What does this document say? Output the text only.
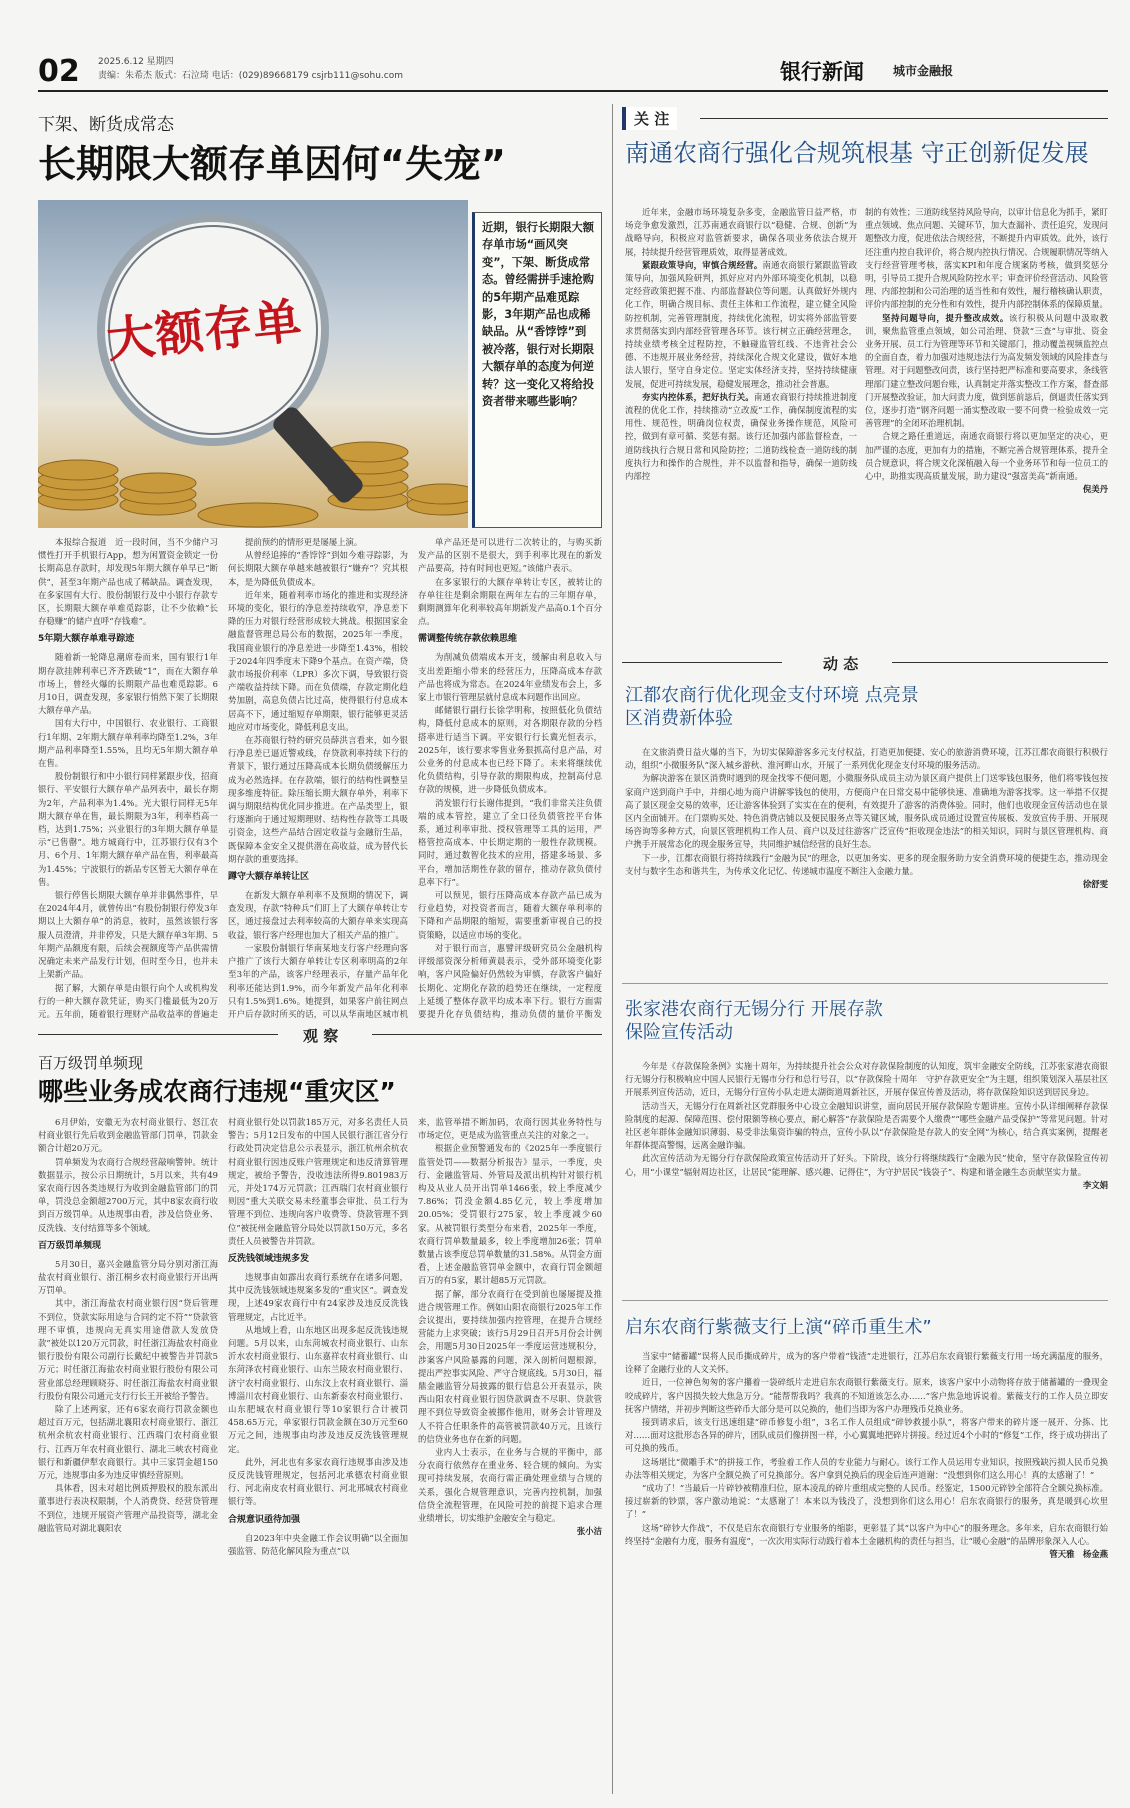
02 2025.6.12 星期四
责编：朱希杰 版式：石泣琦 电话：(029)89668179 csjrb111@sohu.com	银行新闻 城市金融报
下架、断货成常态
长期限大额存单因何“失宠”
大额存单
近期，银行长期限大额存单市场“画风突变”，下架、断货成常态。曾经需拼手速抢购的5年期产品难觅踪影，3年期产品也成稀缺品。从“香饽饽”到被冷落，银行对长期限大额存单的态度为何逆转？这一变化又将给投资者带来哪些影响？

本报综合报道　近一段时间，当不少储户习惯性打开手机银行App，想为闲置资金锁定一份长期高息存款时，却发现5年期大额存单早已“断供”，甚至3年期产品也成了稀缺品。调查发现，在多家国有大行、股份制银行及中小银行存款专区，长期限大额存单难觅踪影，让不少依赖“长存稳赚”的储户直呼“存钱难”。

5年期大额存单难寻踪迹

随着新一轮降息潮席卷而来，国有银行1年期存款挂牌利率已齐齐跌破“1”，而在大额存单市场上，曾经火爆的长期限产品也难觅踪影。6月10日，调查发现，多家银行悄然下架了长期限大额存单产品。

国有大行中，中国银行、农业银行、工商银行1年期、2年期大额存单利率均降至1.2%，3年期产品利率降至1.55%，且均无5年期大额存单在售。

股份制银行和中小银行同样紧跟步伐，招商银行、平安银行大额存单产品列表中，最长存期为2年，产品利率为1.4%。光大银行同样无5年期大额存单在售，最长期限为3年，利率档高一档，达到1.75%；兴业银行的3年期大额存单显示“已售罄”。地方城商行中，江苏银行仅有3个月、6个月、1年期大额存单产品在售，利率最高为1.45%；宁波银行的新品专区暂无大额存单在售。

银行停售长期限大额存单并非偶然事件，早在2024年4月，就曾传出“有股份制银行停发3年期以上大额存单”的消息，彼时，虽然该银行客服人员澄清，并非停发，只是大额存单3年期、5年期产品额度有限，后续会视额度等产品供需情况确定未来产品发行计划，但时至今日，也并未上架新产品。

据了解，大额存单是由银行向个人或机构发行的一种大额存款凭证，购买门槛最低为20万元。五年前，随着银行理财产品收益率的普遍走

提前预约的情形更是屡屡上演。

从曾经追捧的“香饽饽”到如今难寻踪影，为何长期限大额存单越来越被银行“嫌弃”？究其根本，是为降低负债成本。

近年来，随着利率市场化的推进和实现经济环境的变化，银行的净息差持续收窄，净息差下降的压力对银行经营形成较大挑战。根据国家金融监督管理总局公布的数据，2025年一季度，我国商业银行的净息差进一步降至1.43%，相较于2024年四季度末下降9个基点。在资产端，贷款市场报价利率（LPR）多次下调，导致银行资产端收益持续下降。而在负债端，存款定期化趋势加剧，高息负债占比过高，使得银行付息成本居高不下，通过缩短存单期限，银行能够更灵活地应对市场变化，降低利息支出。

在苏商银行特约研究员薛洪言看来，如今银行净息差已逼近警戒线，存贷款利率持续下行的背景下，银行通过压降高成本长期负债缓解压力成为必然选择。在存款端，银行的结构性调整呈现多维度特征。除压缩长期大额存单外，利率下调与期限结构优化同步推进。在产品类型上，银行逐渐向于通过短期理财、结构性存款等工具吸引资金，这些产品结合固定收益与金融衍生品，既保障本金安全又提供潜在高收益，成为替代长期存款的重要选择。

蹲守大额存单转让区

在新发大额存单利率不及预期的情况下，调查发现，存款“特种兵”们盯上了大额存单转让专区，通过接盘过去利率较高的大额存单来实现高收益，银行客户经理也加大了相关产品的推广。

一家股份制银行华南某地支行客户经理向客户推广了该行大额存单转让专区利率明高的2年至3年的产品，该客户经理表示，存量产品年化利率还能达到1.9%，而今年新发产品年化利率只有1.5%到1.6%。她提到，如果客户前往网点开户后存款时所买的话，可以从华南地区城市机

单产品还是可以进行二次转让的，与购买新发产品的区别不是很大，到手利率比现在的新发产品要高，持有时间也更短。”该储户表示。

在多家银行的大额存单转让专区，被转让的存单往往是剩余期限在两年左右的三年期存单，剩期测算年化利率较高年期新发产品高0.1个百分点。

需调整传统存款依赖思维

为削减负债端成本开支，缓解由利息收入与支出差距缩小带来的经营压力，压降高成本存款产品也将成为常态。在2024年业绩发布会上，多家上市银行管理层就付息成本问题作出回应。

邮储银行副行长徐学明称，按照低化负债结构，降低付息成本的原则，对各期限存款的分档搭率进行适当下调。平安银行行长冀光恒表示，2025年，该行要求零售业务狠抓高付息产品，对公业务的付息成本也已经下降了。未来将继续优化负债结构，引导存款的期限构成，控制高付息存款的规模，进一步降低负债成本。

消发银行行长谢伟提到，“我们非常关注负债端的成本管控，建立了全口径负债管控平台体系，通过利率审批、授权管理等工具的运用，严格管控高成本、中长期定期的一般性存款规模。同时，通过数智化技术的应用，搭建多场景、多平台，增加活期性存款的留存，推动存款负债付息率下行”。

可以预见，银行压降高成本存款产品已成为行业趋势，对投资者而言，随着大额存单利率的下降和产品期限的缩短，需要重新审视自己的投资策略，以适应市场的变化。

对于银行而言，惠譬评级研究员公金融机构评级部资深分析师黄晨表示，受外部环境变化影响，客户风险偏好仍然较为审慎，存款客户偏好长期化、定期化存款的趋势还在继续，一定程度上延缓了整体存款平均成本率下行。银行方面需要提升化存负债结构，推动负债的量价平衡发

关 注
南通农商行强化合规筑根基 守正创新促发展

近年来，金融市场环境复杂多变，金融监管日益严格，市场竞争愈发激烈，江苏南通农商银行以“稳健、合规、创新”为战略导向，积极应对监管新要求，确保各项业务依法合规开展，持续提升经营管理质效，取得显著成效。

紧跟政策导向，审慎合规经营。南通农商银行紧跟监管政策导向，加强风险研判，抓好应对内外部环境变化机制，以稳定经营政策把握不准、内部监督缺位等问题。认真做好外规内化工作，明确合规目标、责任主体和工作流程，建立健全风险防控机制，完善管理制度，持续优化流程，切实将外部监管要求贯彻落实到内部经营管理各环节。该行树立正确经营理念，持续业绩考核全过程防控，不触碰监管红线、不违背社会公德、不违规开展业务经营，持续深化合规文化建设，做好本地法人银行，坚守自身定位。坚定实体经济支持，坚持持续健康发展，促进可持续发展，稳健发展理念，推动社会普惠。

夯实内控体系，把好执行关。南通农商银行持续推进制度流程的优化工作，持续推动“立改废”工作，确保制度流程的实用性、规范性，明确岗位权责，确保业务操作规范，风险可控，做到有章可循、奖惩有据。该行还加强内部监督检查，一道防线执行合规日常和风险防控；二道防线检查一道防线的制度执行力和操作的合规性，并不以监督和指导，确保一道防线内部控

制的有效性；三道防线坚持风险导向，以审计信息化为抓手，紧盯重点领域、焦点问题、关键环节，加大查漏补、责任追究，发现问题整改力度，促进依法合规经营，不断提升内审质效。此外，该行还注重内控自我评价，将合规内控执行情况、合规履职情况等纳入支行经营管理考核，落实KPI和年度合规案防考核，做到奖惩分明，引导员工提升合规风险防控水平；审查评价经营活动、风险管理、内部控制和公司治理的适当性和有效性，履行稽核确认职责，评价内部控制的充分性和有效性，提升内部控制体系的保障质量。

坚持问题导向，提升整改成效。该行积极从问题中汲取教训，聚焦监管重点领域，如公司治理、贷款“三查”与审批、资金业务开展、员工行为管理等环节和关键部门，推动覆盖视频监控点的全面自查，着力加强对违规违法行为高发频发领域的风险排查与管理。对于问题整改问责，该行坚持把严标准和要高要求，条线管理部门建立整改问题台账，认真制定并落实整改工作方案，督查部门开展整改验证，加大问责力度，做到惩前毖后，倒逼责任落实到位，逐步打造“钢齐问题一涌实整改取一要不问费一检验成效一完善管理”的全闭环治理机制。

合规之路任重道远，南通农商银行将以更加坚定的决心，更加严谨的态度，更加有力的措施，不断完善合规管理体系，提升全员合规意识，将合规文化深植融入每一个业务环节和每一位员工的心中，助推实现高质量发展，助力建设“强富美高”新南通。

倪美丹

动 态
江都农商行优化现金支付环境 点亮景区消费新体验

在文旅消费日益火爆的当下，为切实保障游客多元支付权益，打造更加便捷、安心的旅游消费环境，江苏江都农商银行积极行动，组织“小微服务队”深入城乡游秋、淮河畔山水，开展了一系列优化现金支付环境的服务活动。

为解决游客在景区消费时遇到的现金找零不便问题，小微服务队成员主动为景区商户提供上门送零钱包服务，他们将零钱包按家商户送到商户手中，并细心地为商户讲解零钱包的使用，方便商户在日常交易中能够快速、准确地为游客找零。这一举措不仅提高了景区现金交易的效率，还让游客体验到了实实在在的便利，有效提升了游客的消费体验。同时，他们也收现金宣传活动也在景区内全面铺开。在门票购买处、特色消费店铺以及便民服务点等关键区域，服务队成员通过设置宣传展板、发放宣传手册、开展现场咨询等多种方式，向景区管理机构工作人员、商户以及过往游客广泛宣传“拒收现金违法”的相关知识，同时与景区管理机构、商户携手开展常态化的现金服务宣导，共同维护城信经营的良好生态。

下一步，江都农商银行将持续践行“金融为民”的理念，以更加务实、更多的现金服务助力安全消费环境的便捷生态，推动现金支付与数字生态和谐共生，为传承文化记忆、传递城市温度不断注入金融力量。

徐舒雯

张家港农商行无锡分行 开展存款保险宣传活动

今年是《存款保险条例》实施十周年，为持续提升社会公众对存款保险制度的认知度，筑牢金融安全防线，江苏张家港农商银行无锡分行积极响应中国人民银行无锡市分行和总行号召，以“存款保险十周年　守护存款更安全”为主题，组织策划深入基层社区开展系列宣传活动，近日，无锡分行宣传小队走进太湖街道周新社区，开展存保宣传普及活动，将存款保险知识送到居民身边。

活动当天，无锡分行在周新社区党群服务中心设立金融知识讲堂，面向居民开展存款保险专题讲座。宣传小队详细阐释存款保险制度的起源、保障范围、偿付限额等核心要点，耐心解答“存款保险是否需要个人缴费”“哪些金融产品受保护”等常见问题。针对社区老年群体金融知识薄弱、易受非法集资诈骗的特点，宣传小队以“存款保险是存款人的安全网”为核心，结合真实案例，提醒老年群体提高警惕，远离金融诈骗。

此次宣传活动为无锡分行存款保险政策宣传活动开了好头。下阶段，该分行将继续践行“金融为民”使命，坚守存款保险宣传初心，用“小课堂”辐射周边社区，让居民“能理解、感兴趣、记得住”，为守护居民“钱袋子”、构建和谐金融生态贡献坚实力量。

李文娟

启东农商行紫薇支行上演“碎币重生术”

当家中“储蓄罐”误将人民币撕成碎片，成为的客户带着“钱渣”走进银行，江苏启东农商银行紫薇支行用一场充满温度的服务，诠释了金融行业的人文关怀。

近日，一位神色匆匆的客户攥着一袋碎纸片走进启东农商银行紫薇支行。原来，该客户家中小动物将存放于储蓄罐的一叠现金咬成碎片，客户因损失较大焦急万分。“能帮帮我吗？我真的不知道该怎么办……”客户焦急地诉说着。紫薇支行的工作人员立即安抚客户情绪，并初步判断这些碎币大部分是可以兑换的，他们当即为客户办理残币兑换业务。

接到请求后，该支行迅速组建“碎币修复小组”，3名工作人员组成“碎钞救援小队”，将客户带来的碎片逐一展开、分拣、比对……面对这批形态各异的碎片，团队成员们像拼图一样，小心翼翼地把碎片拼接。经过近4个小时的“修复”工作，终于成功拼出了可兑换的残币。

这场堪比“微雕手术”的拼接工作，考验着工作人员的专业能力与耐心。该行工作人员运用专业知识，按照残缺污损人民币兑换办法等相关规定，为客户全额兑换了可兑换部分。客户拿到兑换后的现金后连声道谢：“没想到你们这么用心！真的太感谢了！”

“成功了！”当最后一片碎钞被精准归位，原本凌乱的碎片重组成完整的人民币。经鉴定，1500元碎钞全部符合全额兑换标准。接过崭新的钞票，客户激动地说：“太感谢了！本来以为钱没了，没想到你们这么用心！启东农商银行的服务，真是暖到心坎里了！”

这场“碎钞大作战”，不仅是启东农商银行专业服务的缩影，更彰显了其“以客户为中心”的服务理念。多年来，启东农商银行始终坚持“金融有力度，服务有温度”，一次次用实际行动践行着本土金融机构的责任与担当，让“暖心金融”的品牌形象深入人心。

管天雅　杨金燕

观 察
百万级罚单频现
哪些业务成农商行违规“重灾区”

6月伊始，安徽无为农村商业银行、怒江农村商业银行先后收到金融监管部门罚单，罚款金额合计超20万元。

罚单频发为农商行合规经营敲响警钟。统计数据显示，按公示日期统计，5月以来，共有49家农商行因各类违规行为收到金融监管部门的罚单，罚没总金额超2700万元，其中8家农商行收到百万级罚单。从违规事由看，涉及信贷业务、反洗钱、支付结算等多个领域。

百万级罚单频现

5月30日，嘉兴金融监管分局分别对浙江海盐农村商业银行、浙江桐乡农村商业银行开出两万罚单。

其中，浙江海盐农村商业银行因“贷后管理不到位，贷款实际用途与合同约定不符”“贷款管理不审慎，违规向无真实用途借款人发放贷款”被处以120万元罚款，时任浙江海盐农村商业银行股份有限公司副行长戴纪中被警告并罚款5万元；时任浙江海盐农村商业银行股份有限公司营业部总经理顾晓芬、时任浙江海盐农村商业银行股份有限公司通元支行行长王开被给予警告。

除了上述两家，还有6家农商行罚款金额也超过百万元，包括湖北襄阳农村商业银行、浙江杭州余杭农村商业银行、江西瑞门农村商业银行、江西万年农村商业银行、湖北三峡农村商业银行和新疆伊犁农商银行。其中三家罚金超150万元，违规事由多为违反审慎经营原则。

具体看，因未对超比例质押股权的股东派出董事进行表决权限制，个人消费贷、经营贷管理不到位，违规开展资产管理产品投资等，湖北金融监管局对湖北襄阳农

村商业银行处以罚款185万元，对多名责任人员警告；5月12日发布的中国人民银行浙江省分行行政处罚决定信息公示表显示，浙江杭州余杭农村商业银行因违反账户管理规定和违反清算管理规定，被给予警告，没收违法所得9.801983万元，并处174万元罚款；江西瑞门农村商业银行则因“重大关联交易未经董事会审批、员工行为管理不到位、违规向客户收费等、贷款管理不到位”被抚州金融监管分局处以罚款150万元，多名责任人员被警告并罚款。

反洗钱领域违规多发

违规事由如霹出农商行系统存在诸多问题，其中反洗钱领域违规案多发的“重灾区”。调查发现，上述49家农商行中有24家涉及违反反洗钱管理规定，占比近半。

从地域上看，山东地区出现多起反洗钱违规问题。5月以来，山东菏城农村商业银行、山东沂水农村商业银行、山东嘉祥农村商业银行、山东菏泽农村商业银行、山东兰陵农村商业银行、济宁农村商业银行、山东汶上农村商业银行、淄博淄川农村商业银行、山东新泰农村商业银行、山东肥城农村商业银行等10家银行合计被罚458.65万元，单家银行罚款金额在30万元至60万元之间，违规事由均涉及违反反洗钱管理规定。

此外，河北也有多家农商行违规事由涉及违反反洗钱管理规定，包括河北承德农村商业银行、河北南皮农村商业银行、河北邢城农村商业银行等。

合规意识亟待加强

自2023年中央金融工作会议明确“以全面加强监管、防范化解风险为重点”以

来，监管举措不断加码，农商行因其业务特性与市场定位，更是成为监管重点关注的对象之一。

根据企业预警通发布的《2025年一季度银行监管处罚——数据分析报告》显示，一季度，央行、金融监管局、外管局及派出机构针对银行机构及从业人员开出罚单1466张，较上季度减少7.86%；罚没金额4.85亿元，较上季度增加20.05%；受罚银行275家，较上季度减少60家。从被罚银行类型分布来看，2025年一季度，农商行罚单数量最多，较上季度增加26张；罚单数量占该季度总罚单数量的31.58%。从罚金方面看，上述金融监管罚单金额中，农商行罚金额超百万的有5家，累计超85万元罚款。

据了解，部分农商行在受到前也屡屡提及推进合规管理工作。例如山阳农商银行2025年工作会议提出，要持续加强内控管理，在提升合规经营能力上求突破；该行5月29日召开5月份会计例会，用题5月30日2025年一季度运营违规积分，涉案客户风险暴露的问题，深入剖析问题根源，提出严控事实风险、严守合规底线。5月30日，福鼎金融监管分局披露的银行信息公开表显示，陕西山阳农村商业银行因贷款调查不尽职、贷款管理不到位导致资金被挪作他用，财务会计管理及人不符合任职条件的高管被罚款40万元，且该行的信贷业务也存在新的问题。

业内人士表示，在业务与合规的平衡中，部分农商行依然存在重业务、轻合规的倾向。为实现可持续发展，农商行需正确处理业绩与合规的关系，强化合规管理意识，完善内控机制，加强信贷全流程管理，在风险可控的前提下追求合理业绩增长，切实维护金融安全与稳定。

张小洁
